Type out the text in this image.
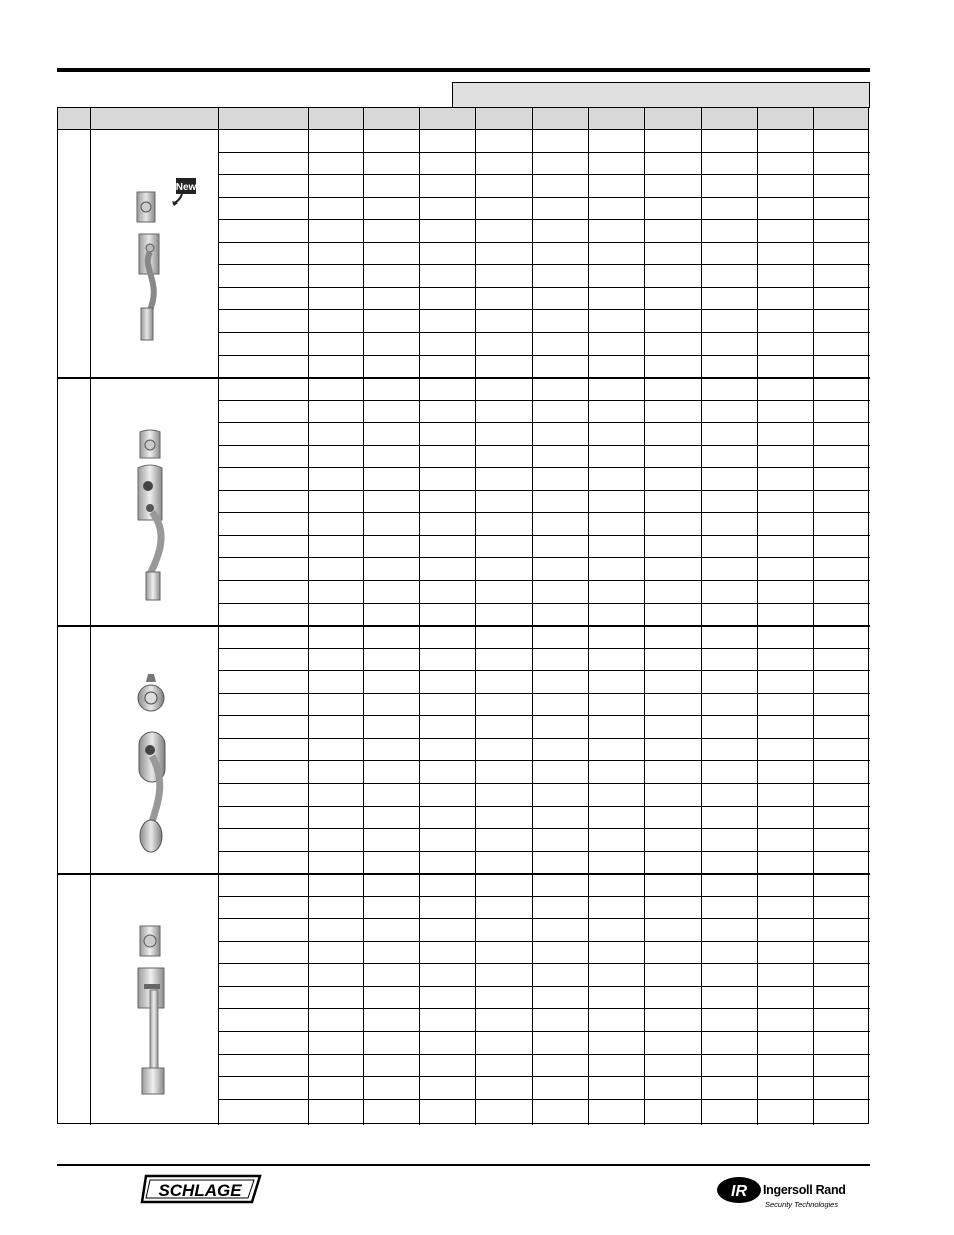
New
SCHLAGE	IR Ingersoll Rand
Security Technologies
